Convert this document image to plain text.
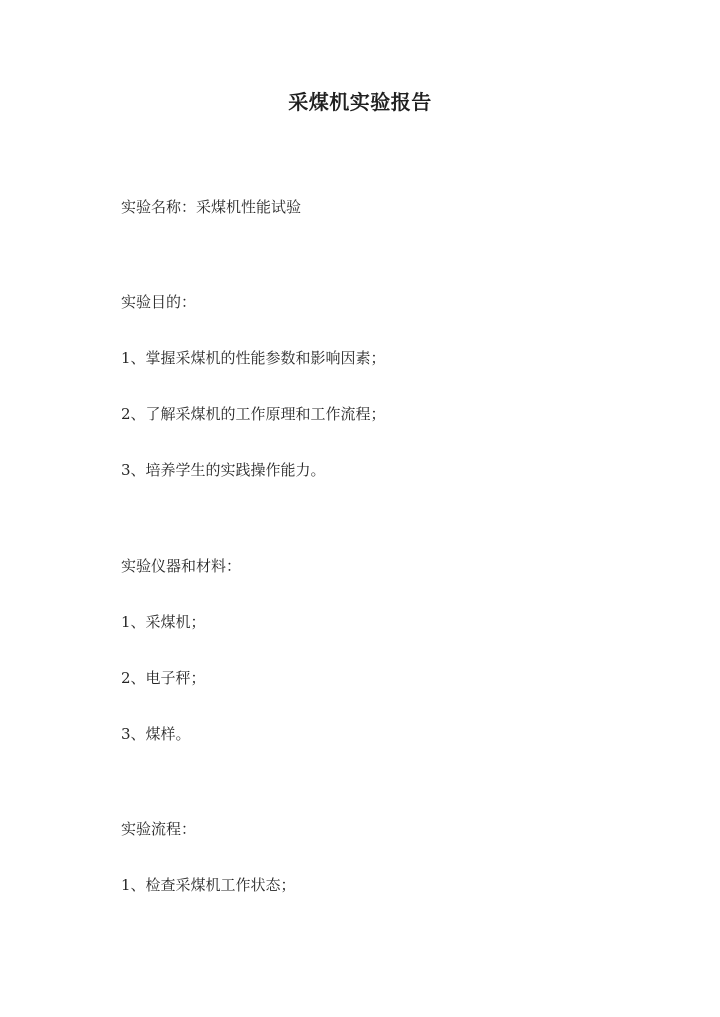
采煤机实验报告
实验名称：采煤机性能试验
实验目的：
1、掌握采煤机的性能参数和影响因素；
2、了解采煤机的工作原理和工作流程；
3、培养学生的实践操作能力。
实验仪器和材料：
1、采煤机；
2、电子秤；
3、煤样。
实验流程：
1、检查采煤机工作状态；
